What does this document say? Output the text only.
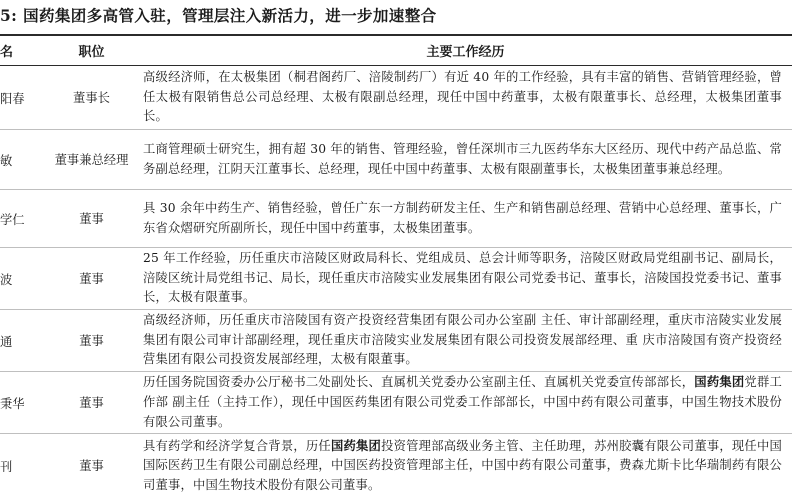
5: 国药集团多高管入驻，管理层注入新活力，进一步加速整合
名	职位	主要工作经历
阳春	董事长	高级经济师，在太极集团（桐君阁药厂、涪陵制药厂）有近 40 年的工作经验，具有丰富的销售、营销管理经验，曾任太极有限销售总公司总经理、太极有限副总经理，现任中国中药董事，太极有限董事长、总经理，太极集团董事长。
敏	董事兼总经理	工商管理硕士研究生，拥有超 30 年的销售、管理经验，曾任深圳市三九医药华东大区经历、现代中药产品总监、常务副总经理，江阴天江董事长、总经理，现任中国中药董事、太极有限副董事长，太极集团董事兼总经理。
学仁	董事	具 30 余年中药生产、销售经验，曾任广东一方制药研发主任、生产和销售副总经理、营销中心总经理、董事长，广东省众熠研究所副所长，现任中国中药董事，太极集团董事。
波	董事	25 年工作经验，历任重庆市涪陵区财政局科长、党组成员、总会计师等职务，涪陵区财政局党组副书记、副局长，涪陵区统计局党组书记、局长，现任重庆市涪陵实业发展集团有限公司党委书记、董事长，涪陵国投党委书记、董事长，太极有限董事。
通	董事	高级经济师，历任重庆市涪陵国有资产投资经营集团有限公司办公室副 主任、审计部副经理，重庆市涪陵实业发展集团有限公司审计部副经理，现任重庆市涪陵实业发展集团有限公司投资发展部经理、重 庆市涪陵国有资产投资经营集团有限公司投资发展部经理，太极有限董事。
秉华	董事	历任国务院国资委办公厅秘书二处副处长、直属机关党委办公室副主任、直属机关党委宣传部部长，国药集团党群工作部 副主任（主持工作），现任中国医药集团有限公司党委工作部部长，中国中药有限公司董事，中国生物技术股份有限公司董事。
刊	董事	具有药学和经济学复合背景，历任国药集团投资管理部高级业务主管、主任助理，苏州胶囊有限公司董事，现任中国国际医药卫生有限公司副总经理，中国医药投资管理部主任，中国中药有限公司董事，费森尤斯卡比华瑞制药有限公司董事，中国生物技术股份有限公司董事。
